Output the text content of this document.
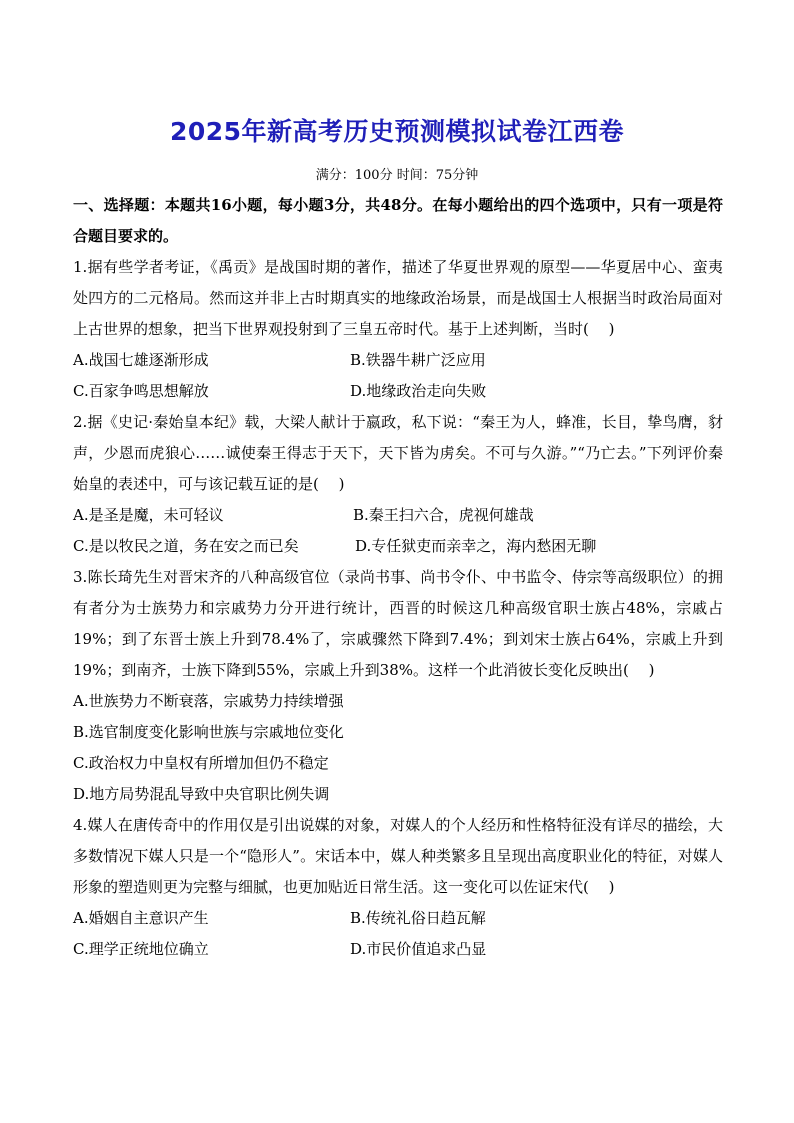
2025年新高考历史预测模拟试卷江西卷
满分：100分 时间：75分钟

一、选择题：本题共16小题，每小题3分，共48分。在每小题给出的四个选项中，只有一项是符合题目要求的。

1.据有些学者考证，《禹贡》是战国时期的著作，描述了华夏世界观的原型——华夏居中心、蛮夷处四方的二元格局。然而这并非上古时期真实的地缘政治场景，而是战国士人根据当时政治局面对上古世界的想象，把当下世界观投射到了三皇五帝时代。基于上述判断，当时(　 )

A.战国七雄逐渐形成	B.铁器牛耕广泛应用

C.百家争鸣思想解放	D.地缘政治走向失败

2.据《史记·秦始皇本纪》载，大梁人献计于嬴政，私下说：“秦王为人，蜂准，长目，挚鸟膺，豺声，少恩而虎狼心……诚使秦王得志于天下，天下皆为虏矣。不可与久游。”“乃亡去。”下列评价秦始皇的表述中，可与该记载互证的是(　 )

A.是圣是魔，未可轻议	B.秦王扫六合，虎视何雄哉

C.是以牧民之道，务在安之而已矣	D.专任狱吏而亲幸之，海内愁困无聊

3.陈长琦先生对晋宋齐的八种高级官位（录尚书事、尚书令仆、中书监令、侍宗等高级职位）的拥有者分为士族势力和宗戚势力分开进行统计，西晋的时候这几种高级官职士族占48%，宗戚占19%；到了东晋士族上升到78.4%了，宗戚骤然下降到7.4%；到刘宋士族占64%，宗戚上升到19%；到南齐，士族下降到55%，宗戚上升到38%。这样一个此消彼长变化反映出(　 )

A.世族势力不断衰落，宗戚势力持续增强

B.选官制度变化影响世族与宗戚地位变化

C.政治权力中皇权有所增加但仍不稳定

D.地方局势混乱导致中央官职比例失调

4.媒人在唐传奇中的作用仅是引出说媒的对象，对媒人的个人经历和性格特征没有详尽的描绘，大多数情况下媒人只是一个“隐形人”。宋话本中，媒人种类繁多且呈现出高度职业化的特征，对媒人形象的塑造则更为完整与细腻，也更加贴近日常生活。这一变化可以佐证宋代(　 )

A.婚姻自主意识产生	B.传统礼俗日趋瓦解

C.理学正统地位确立	D.市民价值追求凸显
